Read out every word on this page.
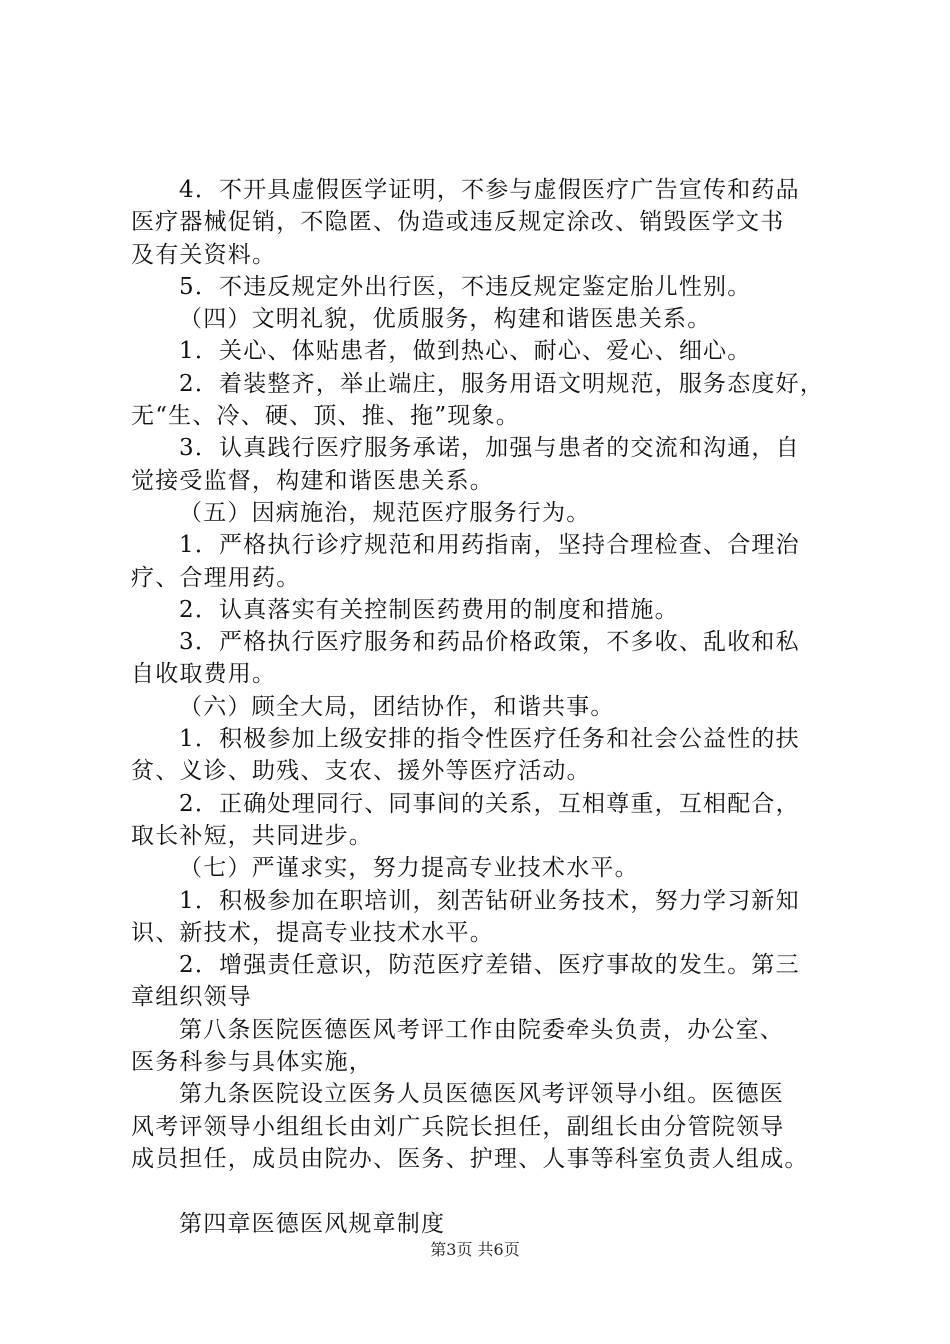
4．不开具虚假医学证明，不参与虚假医疗广告宣传和药品
医疗器械促销，不隐匿、伪造或违反规定涂改、销毁医学文书
及有关资料。
5．不违反规定外出行医，不违反规定鉴定胎儿性别。
（四）文明礼貌，优质服务，构建和谐医患关系。
1．关心、体贴患者，做到热心、耐心、爱心、细心。
2．着装整齐，举止端庄，服务用语文明规范，服务态度好，
无“生、冷、硬、顶、推、拖”现象。
3．认真践行医疗服务承诺，加强与患者的交流和沟通，自
觉接受监督，构建和谐医患关系。
（五）因病施治，规范医疗服务行为。
1．严格执行诊疗规范和用药指南，坚持合理检查、合理治
疗、合理用药。
2．认真落实有关控制医药费用的制度和措施。
3．严格执行医疗服务和药品价格政策，不多收、乱收和私
自收取费用。
（六）顾全大局，团结协作，和谐共事。
1．积极参加上级安排的指令性医疗任务和社会公益性的扶
贫、义诊、助残、支农、援外等医疗活动。
2．正确处理同行、同事间的关系，互相尊重，互相配合，
取长补短，共同进步。
（七）严谨求实，努力提高专业技术水平。
1．积极参加在职培训，刻苦钻研业务技术，努力学习新知
识、新技术，提高专业技术水平。
2．增强责任意识，防范医疗差错、医疗事故的发生。第三
章组织领导
第八条医院医德医风考评工作由院委牵头负责，办公室、
医务科参与具体实施，
第九条医院设立医务人员医德医风考评领导小组。医德医
风考评领导小组组长由刘广兵院长担任，副组长由分管院领导
成员担任，成员由院办、医务、护理、人事等科室负责人组成。
第四章医德医风规章制度
第3页 共6页
